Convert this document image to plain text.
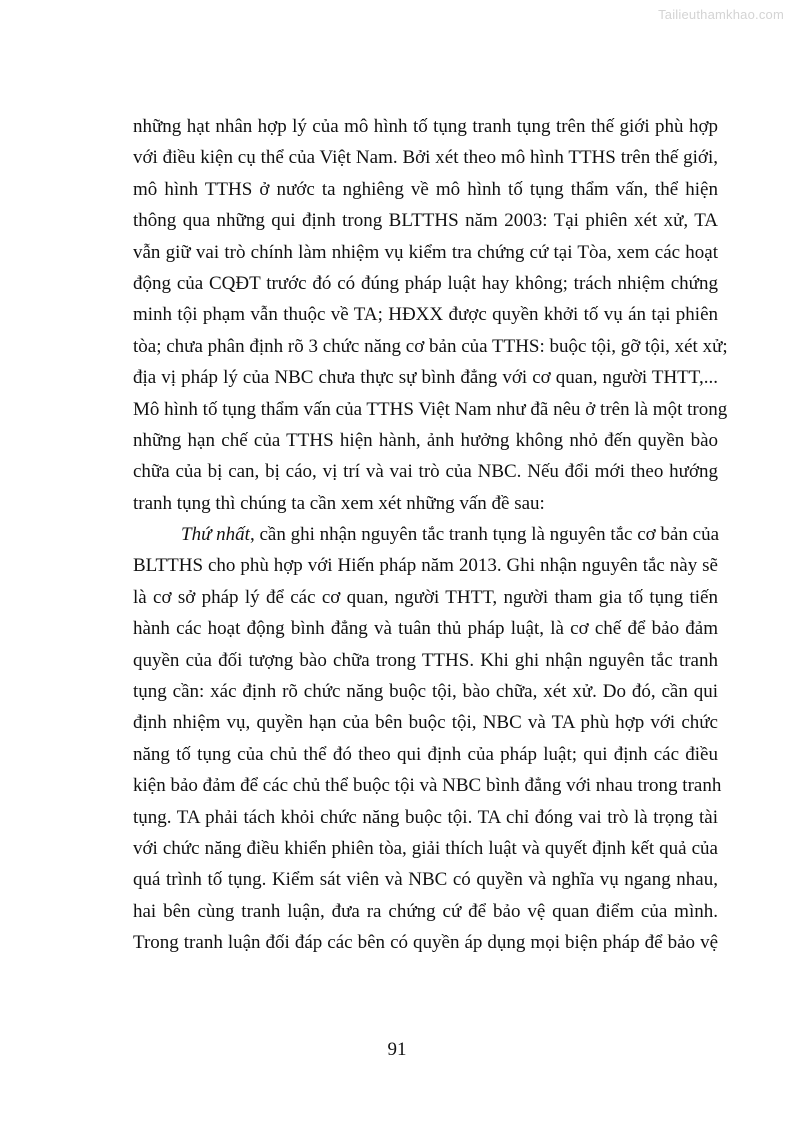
Tailieuthamkhao.com
những hạt nhân hợp lý của mô hình tố tụng tranh tụng trên thế giới phù hợp
với điều kiện cụ thể của Việt Nam. Bởi xét theo mô hình TTHS trên thế giới,
mô hình TTHS ở nước ta nghiêng về mô hình tố tụng thẩm vấn, thể hiện
thông qua những qui định trong BLTTHS năm 2003: Tại phiên xét xử, TA
vẫn giữ vai trò chính làm nhiệm vụ kiểm tra chứng cứ tại Tòa, xem các hoạt
động của CQĐT trước đó có đúng pháp luật hay không; trách nhiệm chứng
minh tội phạm vẫn thuộc về TA; HĐXX được quyền khởi tố vụ án tại phiên
tòa; chưa phân định rõ 3 chức năng cơ bản của TTHS: buộc tội, gỡ tội, xét xử;
địa vị pháp lý của NBC chưa thực sự bình đẳng với cơ quan, người THTT,...
Mô hình tố tụng thẩm vấn của TTHS Việt Nam như đã nêu ở trên là một trong
những hạn chế của TTHS hiện hành, ảnh hưởng không nhỏ đến quyền bào
chữa của bị can, bị cáo, vị trí và vai trò của NBC. Nếu đổi mới theo hướng
tranh tụng thì chúng ta cần xem xét những vấn đề sau:
Thứ nhất, cần ghi nhận nguyên tắc tranh tụng là nguyên tắc cơ bản của
BLTTHS cho phù hợp với Hiến pháp năm 2013. Ghi nhận nguyên tắc này sẽ
là cơ sở pháp lý để các cơ quan, người THTT, người tham gia tố tụng tiến
hành các hoạt động bình đẳng và tuân thủ pháp luật, là cơ chế để bảo đảm
quyền của đối tượng bào chữa trong TTHS. Khi ghi nhận nguyên tắc tranh
tụng cần: xác định rõ chức năng buộc tội, bào chữa, xét xử. Do đó, cần qui
định nhiệm vụ, quyền hạn của bên buộc tội, NBC và TA phù hợp với chức
năng tố tụng của chủ thể đó theo qui định của pháp luật; qui định các điều
kiện bảo đảm để các chủ thể buộc tội và NBC bình đẳng với nhau trong tranh
tụng. TA phải tách khỏi chức năng buộc tội. TA chỉ đóng vai trò là trọng tài
với chức năng điều khiển phiên tòa, giải thích luật và quyết định kết quả của
quá trình tố tụng. Kiểm sát viên và NBC có quyền và nghĩa vụ ngang nhau,
hai bên cùng tranh luận, đưa ra chứng cứ để bảo vệ quan điểm của mình.
Trong tranh luận đối đáp các bên có quyền áp dụng mọi biện pháp để bảo vệ
91
